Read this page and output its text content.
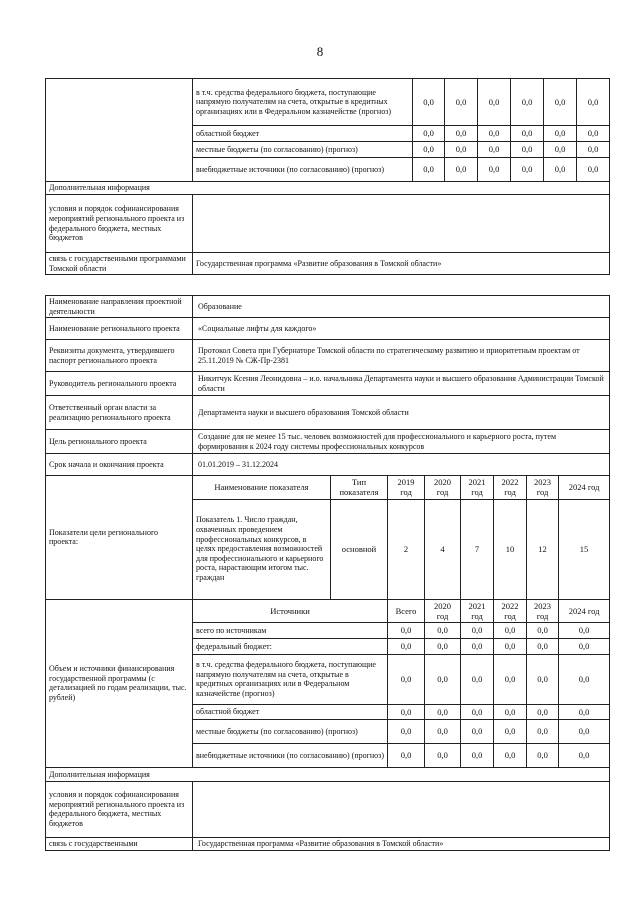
8
	в т.ч. средства федерального бюджета, поступающие напрямую получателям на счета, открытые в кредитных организациях или в Федеральном казначействе (прогноз)	0,0	0,0	0,0	0,0	0,0	0,0
	областной бюджет	0,0	0,0	0,0	0,0	0,0	0,0
	местные бюджеты (по согласованию) (прогноз)	0,0	0,0	0,0	0,0	0,0	0,0
	внебюджетные источники (по согласованию) (прогноз)	0,0	0,0	0,0	0,0	0,0	0,0
Дополнительная информация							
условия и порядок софинансирования мероприятий регионального проекта из федерального бюджета, местных бюджетов							
связь с государственными программами Томской области	Государственная программа «Развитие образования в Томской области»						
Наименование направления проектной деятельности	Образование							
Наименование регионального проекта	«Социальные лифты для каждого»							
Реквизиты документа, утвердившего паспорт регионального проекта	Протокол Совета при Губернаторе Томской области по стратегическому развитию и приоритетным проектам от 25.11.2019 № СЖ-Пр-2381							
Руководитель регионального проекта	Никитчук Ксения Леонидовна – и.о. начальника Департамента науки и высшего образования Администрации Томской области							
Ответственный орган власти за реализацию регионального проекта	Департамента науки и высшего образования Томской области							
Цель регионального проекта	Создание для не менее 15 тыс. человек возможностей для профессионального и карьерного роста, путем формирования к 2024 году системы профессиональных конкурсов							
Срок начала и окончания проекта	01.01.2019 – 31.12.2024							
Показатели цели регионального проекта:	Наименование показателя	Тип показателя	2019 год	2020 год	2021 год	2022 год	2023 год	2024 год
	Показатель 1. Число граждан, охваченных проведением профессиональных конкурсов, в целях предоставления возможностей для профессионального и карьерного роста, нарастающим итогом тыс. граждан	основной	2	4	7	10	12	15
Объем и источники финансирования государственной программы (с детализацией по годам реализации, тыс. рублей)	Источники		Всего	2020 год	2021 год	2022 год	2023 год	2024 год
	всего по источникам		0,0	0,0	0,0	0,0	0,0	0,0
	федеральный бюджет:		0,0	0,0	0,0	0,0	0,0	0,0
	в т.ч. средства федерального бюджета, поступающие напрямую получателям на счета, открытые в кредитных организациях или в Федеральном казначействе (прогноз)		0,0	0,0	0,0	0,0	0,0	0,0
	областной бюджет		0,0	0,0	0,0	0,0	0,0	0,0
	местные бюджеты (по согласованию) (прогноз)		0,0	0,0	0,0	0,0	0,0	0,0
	внебюджетные источники (по согласованию) (прогноз)		0,0	0,0	0,0	0,0	0,0	0,0
Дополнительная информация								
условия и порядок софинансирования мероприятий регионального проекта из федерального бюджета, местных бюджетов								
связь с государственными	Государственная программа «Развитие образования в Томской области»							
